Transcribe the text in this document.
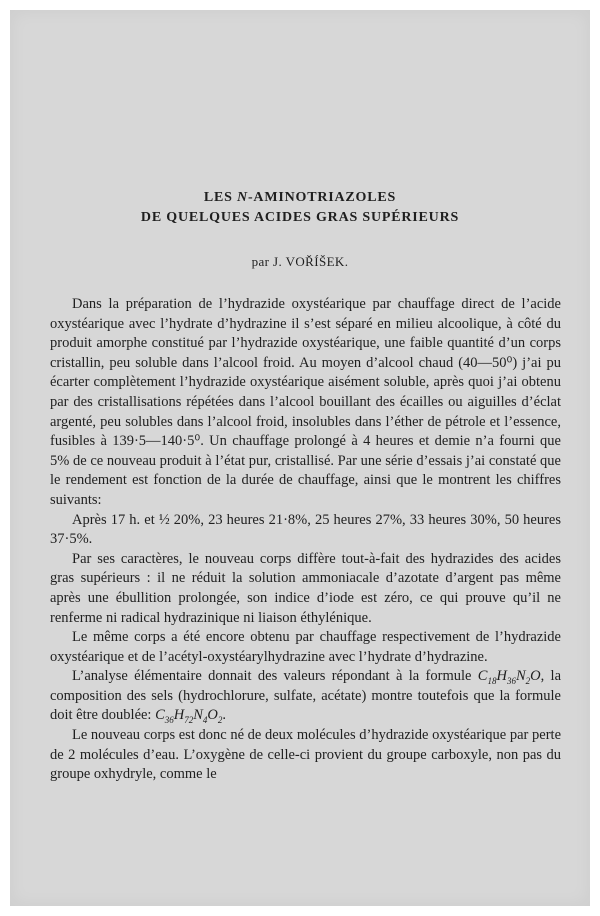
LES N-AMINOTRIAZOLES
DE QUELQUES ACIDES GRAS SUPÉRIEURS
par J. VOŘÍŠEK.

Dans la préparation de l’hydrazide oxystéarique par chauffage direct de l’acide oxystéarique avec l’hydrate d’hydrazine il s’est séparé en milieu alcoolique, à côté du produit amorphe constitué par l’hydrazide oxystéarique, une faible quantité d’un corps cristallin, peu soluble dans l’alcool froid. Au moyen d’alcool chaud (40—50⁰) j’ai pu écarter complètement l’hydrazide oxystéarique aisément soluble, après quoi j’ai obtenu par des cristallisations répétées dans l’alcool bouillant des écailles ou aiguilles d’éclat argenté, peu solubles dans l’alcool froid, insolubles dans l’éther de pétrole et l’essence, fusibles à 139·5—140·5⁰. Un chauffage prolongé à 4 heures et demie n’a fourni que 5% de ce nouveau produit à l’état pur, cristallisé. Par une série d’essais j’ai constaté que le rendement est fonction de la durée de chauffage, ainsi que le montrent les chiffres suivants:

Après 17 h. et ½ 20%, 23 heures 21·8%, 25 heures 27%, 33 heures 30%, 50 heures 37·5%.

Par ses caractères, le nouveau corps diffère tout-à-fait des hydrazides des acides gras supérieurs : il ne réduit la solution ammoniacale d’azotate d’argent pas même après une ébullition prolongée, son indice d’iode est zéro, ce qui prouve qu’il ne renferme ni radical hydrazinique ni liaison éthylénique.

Le même corps a été encore obtenu par chauffage respectivement de l’hydrazide oxystéarique et de l’acétyl-oxystéarylhydrazine avec l’hydrate d’hydrazine.

L’analyse élémentaire donnait des valeurs répondant à la formule $C_{18}H_{36}N_2O$, la composition des sels (hydrochlorure, sulfate, acétate) montre toutefois que la formule doit être doublée: $C_{36}H_{72}N_4O_2$.

Le nouveau corps est donc né de deux molécules d’hydrazide oxystéarique par perte de 2 molécules d’eau. L’oxygène de celle-ci provient du groupe carboxyle, non pas du groupe oxhydryle, comme le
